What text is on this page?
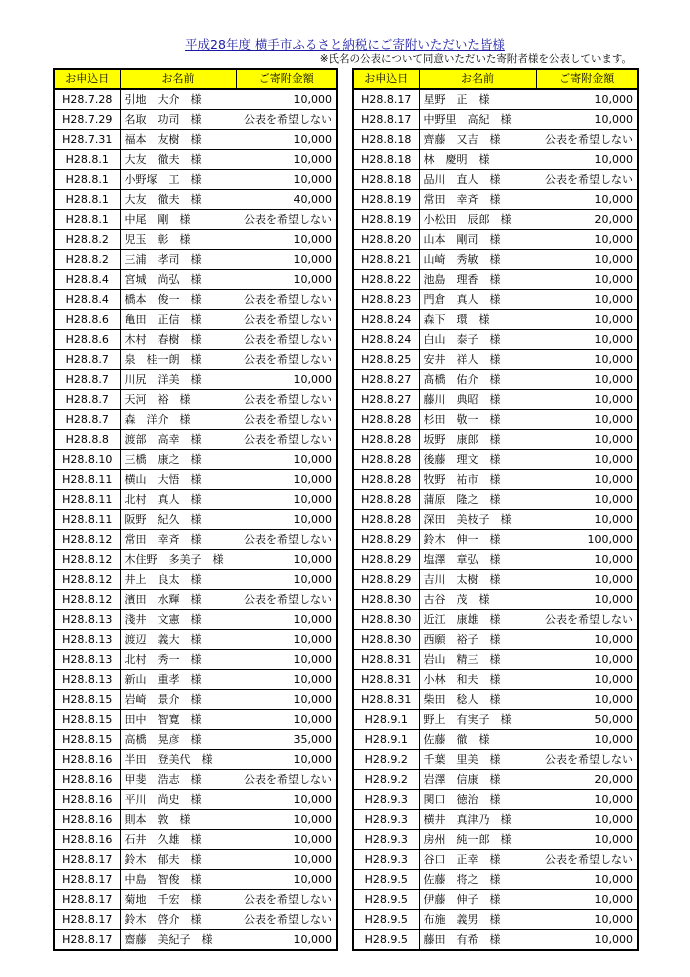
平成28年度 横手市ふるさと納税にご寄附いただいた皆様
※氏名の公表について同意いただいた寄附者様を公表しています。
お申込日	お名前	ご寄附金額
H28.7.28	引地　大介　様	10,000
H28.7.29	名取　功司　様	公表を希望しない
H28.7.31	福本　友樹　様	10,000
H28.8.1	大友　徹夫　様	10,000
H28.8.1	小野塚　工　様	10,000
H28.8.1	大友　徹夫　様	40,000
H28.8.1	中尾　剛　様	公表を希望しない
H28.8.2	児玉　彰　様	10,000
H28.8.2	三浦　孝司　様	10,000
H28.8.4	宮城　尚弘　様	10,000
H28.8.4	橋本　俊一　様	公表を希望しない
H28.8.6	亀田　正信　様	公表を希望しない
H28.8.6	木村　春樹　様	公表を希望しない
H28.8.7	泉　桂一朗　様	公表を希望しない
H28.8.7	川尻　洋美　様	10,000
H28.8.7	天河　裕　様	公表を希望しない
H28.8.7	森　洋介　様	公表を希望しない
H28.8.8	渡部　高幸　様	公表を希望しない
H28.8.10	三橋　康之　様	10,000
H28.8.11	横山　大悟　様	10,000
H28.8.11	北村　真人　様	10,000
H28.8.11	阪野　紀久　様	10,000
H28.8.12	常田　幸斉　様	公表を希望しない
H28.8.12	木住野　多美子　様	10,000
H28.8.12	井上　良太　様	10,000
H28.8.12	濱田　水輝　様	公表を希望しない
H28.8.13	淺井　文憲　様	10,000
H28.8.13	渡辺　義大　様	10,000
H28.8.13	北村　秀一　様	10,000
H28.8.13	新山　重孝　様	10,000
H28.8.15	岩崎　景介　様	10,000
H28.8.15	田中　智寛　様	10,000
H28.8.15	高橋　晃彦　様	35,000
H28.8.16	半田　登美代　様	10,000
H28.8.16	甲斐　浩志　様	公表を希望しない
H28.8.16	平川　尚史　様	10,000
H28.8.16	則本　敦　様	10,000
H28.8.16	石井　久雄　様	10,000
H28.8.17	鈴木　郁夫　様	10,000
H28.8.17	中島　智俊　様	10,000
H28.8.17	菊地　千宏　様	公表を希望しない
H28.8.17	鈴木　啓介　様	公表を希望しない
H28.8.17	齋藤　美紀子　様	10,000
お申込日	お名前	ご寄附金額
H28.8.17	星野　正　様	10,000
H28.8.17	中野里　高紀　様	10,000
H28.8.18	齊藤　又吉　様	公表を希望しない
H28.8.18	林　慶明　様	10,000
H28.8.18	品川　直人　様	公表を希望しない
H28.8.19	常田　幸斉　様	10,000
H28.8.19	小松田　辰郎　様	20,000
H28.8.20	山本　剛司　様	10,000
H28.8.21	山崎　秀敏　様	10,000
H28.8.22	池島　理香　様	10,000
H28.8.23	門倉　真人　様	10,000
H28.8.24	森下　環　様	10,000
H28.8.24	白山　泰子　様	10,000
H28.8.25	安井　祥人　様	10,000
H28.8.27	髙橋　佑介　様	10,000
H28.8.27	藤川　典昭　様	10,000
H28.8.28	杉田　敬一　様	10,000
H28.8.28	坂野　康郎　様	10,000
H28.8.28	後藤　理文　様	10,000
H28.8.28	牧野　祐市　様	10,000
H28.8.28	蒲原　隆之　様	10,000
H28.8.28	深田　美枝子　様	10,000
H28.8.29	鈴木　伸一　様	100,000
H28.8.29	塩澤　章弘　様	10,000
H28.8.29	吉川　太樹　様	10,000
H28.8.30	古谷　茂　様	10,000
H28.8.30	近江　康雄　様	公表を希望しない
H28.8.30	西願　裕子　様	10,000
H28.8.31	岩山　精三　様	10,000
H28.8.31	小林　和夫　様	10,000
H28.8.31	柴田　稔人　様	10,000
H28.9.1	野上　有実子　様	50,000
H28.9.1	佐藤　徹　様	10,000
H28.9.2	千葉　里美　様	公表を希望しない
H28.9.2	岩澤　信康　様	20,000
H28.9.3	関口　徳治　様	10,000
H28.9.3	横井　真津乃　様	10,000
H28.9.3	房州　純一郎　様	10,000
H28.9.3	谷口　正幸　様	公表を希望しない
H28.9.5	佐藤　将之　様	10,000
H28.9.5	伊藤　伸子　様	10,000
H28.9.5	布施　義男　様	10,000
H28.9.5	藤田　有希　様	10,000
